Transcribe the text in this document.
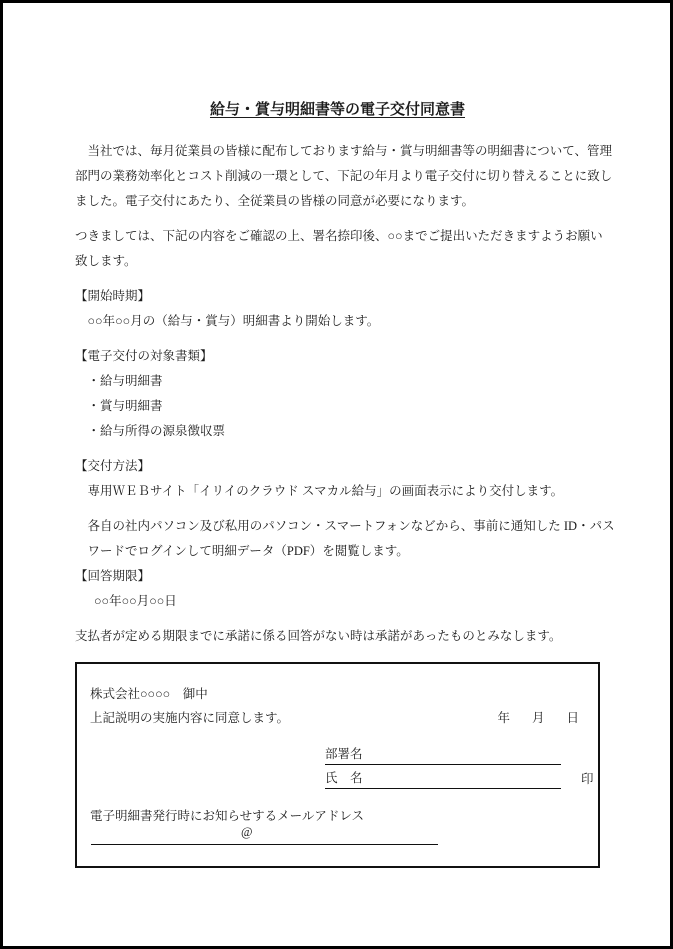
給与・賞与明細書等の電子交付同意書
当社では、毎月従業員の皆様に配布しております給与・賞与明細書等の明細書について、管理
部門の業務効率化とコスト削減の一環として、下記の年月より電子交付に切り替えることに致し
ました。電子交付にあたり、全従業員の皆様の同意が必要になります。
つきましては、下記の内容をご確認の上、署名捺印後、○○までご提出いただきますようお願い
致します。
【開始時期】
○○年○○月の（給与・賞与）明細書より開始します。
【電子交付の対象書類】
・給与明細書
・賞与明細書
・給与所得の源泉徴収票
【交付方法】
専用ＷＥＢサイト「イリイのクラウド スマカル給与」の画面表示により交付します。
各自の社内パソコン及び私用のパソコン・スマートフォンなどから、事前に通知した ID・パス
ワードでログインして明細データ（PDF）を閲覧します。
【回答期限】
○○年○○月○○日
支払者が定める期限までに承諾に係る回答がない時は承諾があったものとみなします。
株式会社○○○○　御中
上記説明の実施内容に同意します。	年 月 日
部署名
氏　名	印
電子明細書発行時にお知らせするメールアドレス
@
